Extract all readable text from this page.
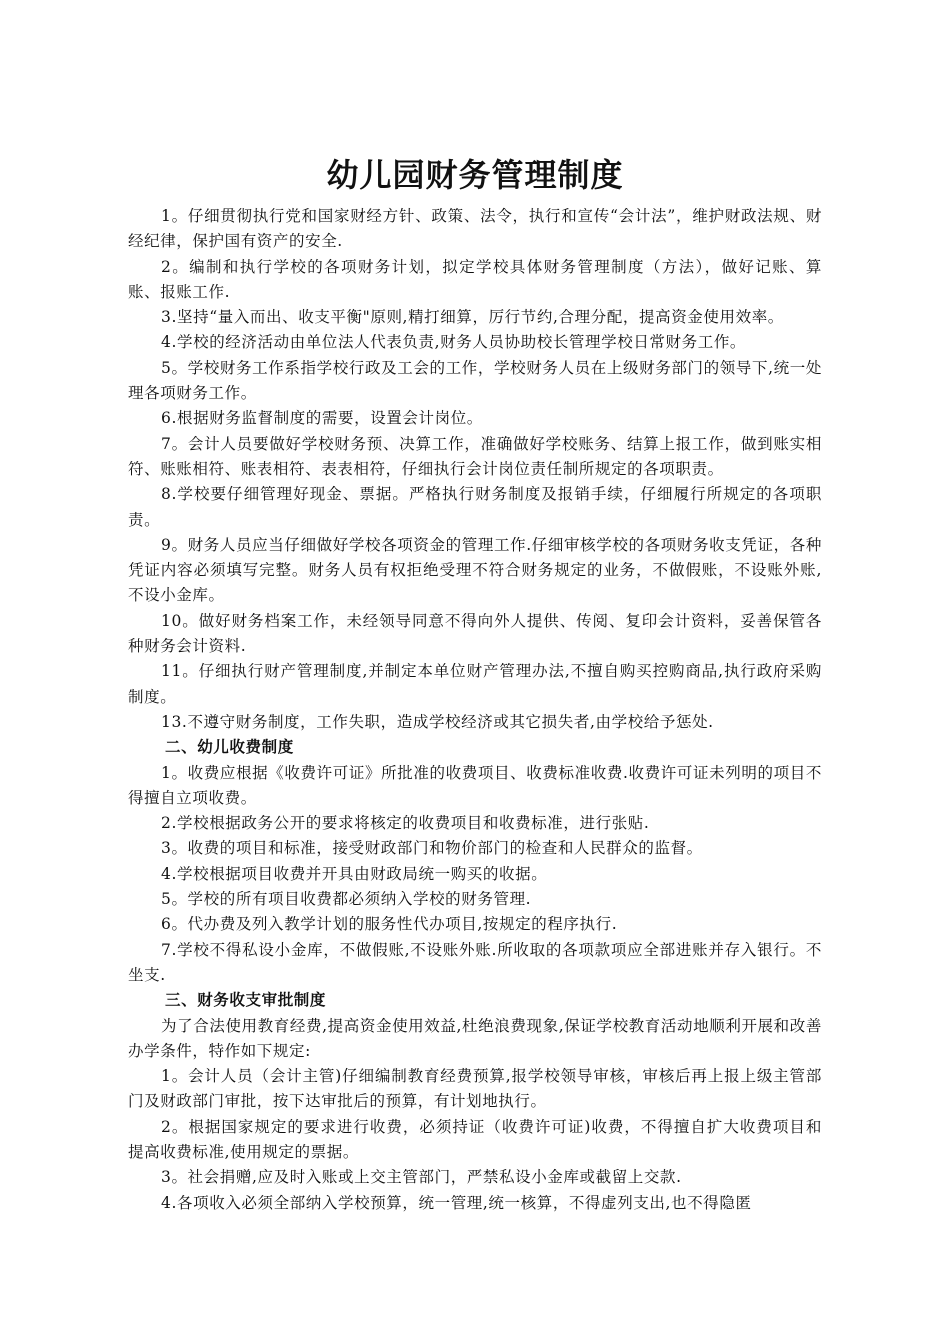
幼儿园财务管理制度

1。仔细贯彻执行党和国家财经方针、政策、法令，执行和宣传“会计法”，维护财政法规、财经纪律，保护国有资产的安全.

2。编制和执行学校的各项财务计划，拟定学校具体财务管理制度（方法），做好记账、算账、报账工作.

3.坚持“量入而出、收支平衡"原则,精打细算，厉行节约,合理分配，提高资金使用效率。

4.学校的经济活动由单位法人代表负责,财务人员协助校长管理学校日常财务工作。

5。学校财务工作系指学校行政及工会的工作，学校财务人员在上级财务部门的领导下,统一处理各项财务工作。

6.根据财务监督制度的需要，设置会计岗位。

7。会计人员要做好学校财务预、决算工作，准确做好学校账务、结算上报工作，做到账实相符、账账相符、账表相符、表表相符，仔细执行会计岗位责任制所规定的各项职责。

8.学校要仔细管理好现金、票据。严格执行财务制度及报销手续，仔细履行所规定的各项职责。

9。财务人员应当仔细做好学校各项资金的管理工作.仔细审核学校的各项财务收支凭证，各种凭证内容必须填写完整。财务人员有权拒绝受理不符合财务规定的业务，不做假账，不设账外账,不设小金库。

10。做好财务档案工作，未经领导同意不得向外人提供、传阅、复印会计资料，妥善保管各种财务会计资料.

11。仔细执行财产管理制度,并制定本单位财产管理办法,不擅自购买控购商品,执行政府采购制度。

13.不遵守财务制度，工作失职，造成学校经济或其它损失者,由学校给予惩处.

二、幼儿收费制度

1。收费应根据《收费许可证》所批准的收费项目、收费标准收费.收费许可证未列明的项目不得擅自立项收费。

2.学校根据政务公开的要求将核定的收费项目和收费标准，进行张贴.

3。收费的项目和标准，接受财政部门和物价部门的检查和人民群众的监督。

4.学校根据项目收费并开具由财政局统一购买的收据。

5。学校的所有项目收费都必须纳入学校的财务管理.

6。代办费及列入教学计划的服务性代办项目,按规定的程序执行.

7.学校不得私设小金库，不做假账,不设账外账.所收取的各项款项应全部进账并存入银行。不坐支.

三、财务收支审批制度

为了合法使用教育经费,提高资金使用效益,杜绝浪费现象,保证学校教育活动地顺利开展和改善办学条件，特作如下规定:

1。会计人员（会计主管)仔细编制教育经费预算,报学校领导审核，审核后再上报上级主管部门及财政部门审批，按下达审批后的预算，有计划地执行。

2。根据国家规定的要求进行收费，必须持证（收费许可证)收费，不得擅自扩大收费项目和提高收费标准,使用规定的票据。

3。社会捐赠,应及时入账或上交主管部门，严禁私设小金库或截留上交款.

4.各项收入必须全部纳入学校预算，统一管理,统一核算，不得虚列支出,也不得隐匿
